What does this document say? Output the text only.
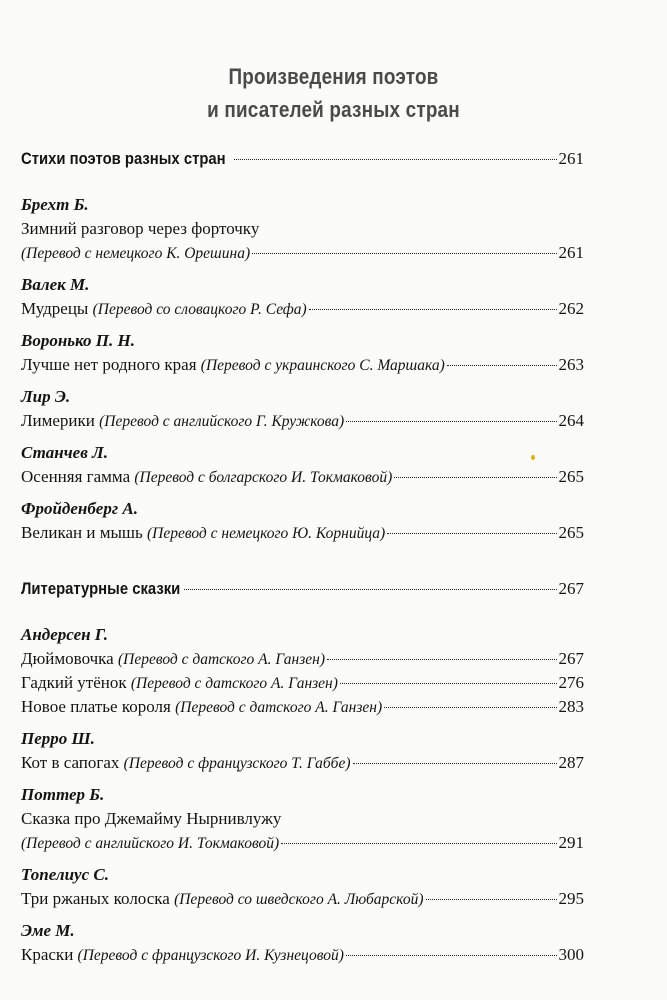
Произведения поэтов
и писателей разных стран
Стихи поэтов разных стран	261
Брехт Б.
Зимний разговор через форточку
(Перевод с немецкого К. Орешина)	261
Валек М.
Мудрецы (Перевод со словацкого Р. Сефа)	262
Воронько П. Н.
Лучше нет родного края (Перевод с украинского С. Маршака)	263
Лир Э.
Лимерики (Перевод с английского Г. Кружкова)	264
Станчев Л.
Осенняя гамма (Перевод с болгарского И. Токмаковой)	265
Фройденберг А.
Великан и мышь (Перевод с немецкого Ю. Корнийца)	265
Литературные сказки	267
Андерсен Г.
Дюймовочка (Перевод с датского А. Ганзен)	267
Гадкий утёнок (Перевод с датского А. Ганзен)	276
Новое платье короля (Перевод с датского А. Ганзен)	283
Перро Ш.
Кот в сапогах (Перевод с французского Т. Габбе)	287
Поттер Б.
Сказка про Джемайму Нырнивлужу
(Перевод с английского И. Токмаковой)	291
Топелиус С.
Три ржаных колоска (Перевод со шведского А. Любарской)	295
Эме М.
Краски (Перевод с французского И. Кузнецовой)	300
